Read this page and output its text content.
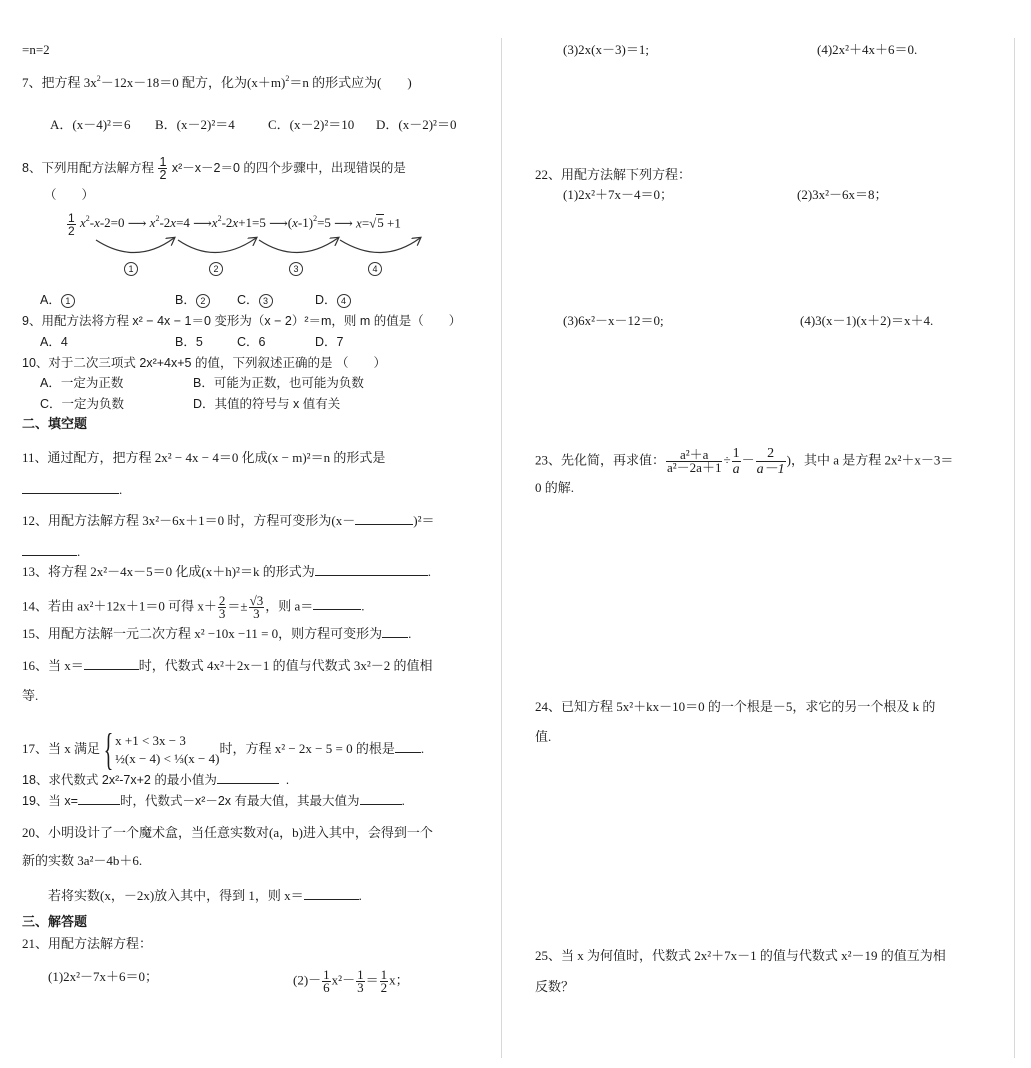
=n=2
7、把方程 $3x^2-12x-18=0$ 配方，化为$(x+m)^2=n$ 的形式应为(　　)
A．(x－4)²＝6 B．(x－2)²＝4	C．(x－2)²＝10 D．(x－2)²＝0
8、下列用配方法解方程 $\frac{1}{2} x^2-x-2=0$ 的四个步骤中，出现错误的是
（　　）
$\frac{1}{2} x^2-x-2=0$ ⟶ $x^2-2x=4$ $⟶x^2-2x+1=5$ $⟶(x-1)^2=5$ ⟶ x=√5 +1
1	2	3	4
A． 1	B． 2	C． 3	D． 4
9、用配方法将方程 x² − 4x − 1＝0 变形为（x − 2）²＝m，则 m 的值是（　　）
A．4	B．5	C．6	D．7
10、对于二次三项式 2x²+4x+5 的值，下列叙述正确的是 （　　）
A．一定为正数	B．可能为正数，也可能为负数
C．一定为负数	D．其值的符号与 x 值有关
二、填空题
11、通过配方，把方程 2x² − 4x − 4＝0 化成(x − m)²＝n 的形式是
.
12、用配方法解方程 3x²－6x＋1＝0 时，方程可变形为(x－	)²＝
.
13、将方程 2x²－4x－5＝0 化成(x＋h)²＝k 的形式为	.
14、若由 ax²＋12x＋1＝0 可得 $x+ \frac{2}{3} =\pm \frac{√3}{3}$ ，则 a＝	.
15、用配方法解一元二次方程 x² −10x −11 = 0，则方程可变形为 .
16、当 x＝	时，代数式 4x²＋2x－1 的值与代数式 3x²－2 的值相
等.
17、当 x 满足{ x +1 < 3x − 3
½(x − 4) < ⅓(x − 4)
时，方程 x² − 2x − 5 = 0 的根是 .
18、求代数式 2x²-7x+2 的最小值为	.
19、当 x=	时，代数式－x²－2x 有最大值，其最大值为	.
20、小明设计了一个魔术盒，当任意实数对(a，b)进入其中，会得到一个
新的实数 3a²－4b＋6.
若将实数(x，－2x)放入其中，得到 1，则 x＝	.
三、解答题
21、用配方法解方程：
(1)2x²－7x＋6＝0；	$(2)- \frac{1}{6} x^2- \frac{1}{3} = \frac{1}{2}$ x；
(3)2x(x－3)＝1;	(4)2x²＋4x＋6＝0.
22、用配方法解下列方程：
(1)2x²＋7x－4＝0；	(2)3x²－6x＝8；
(3)6x²－x－12＝0;	(4)3(x－1)(x＋2)＝x＋4.
23、先化简，再求值： $\frac{\text{a²＋a}}{\text{a²－2a＋1}} \div \frac{1}{a} - \frac{2}{a-1}$ )，其中 a 是方程 2x²＋x－3＝
0 的解.
24、已知方程 5x²＋kx－10＝0 的一个根是－5，求它的另一个根及 k 的
值.
25、当 x 为何值时，代数式 2x²＋7x－1 的值与代数式 x²－19 的值互为相
反数？
